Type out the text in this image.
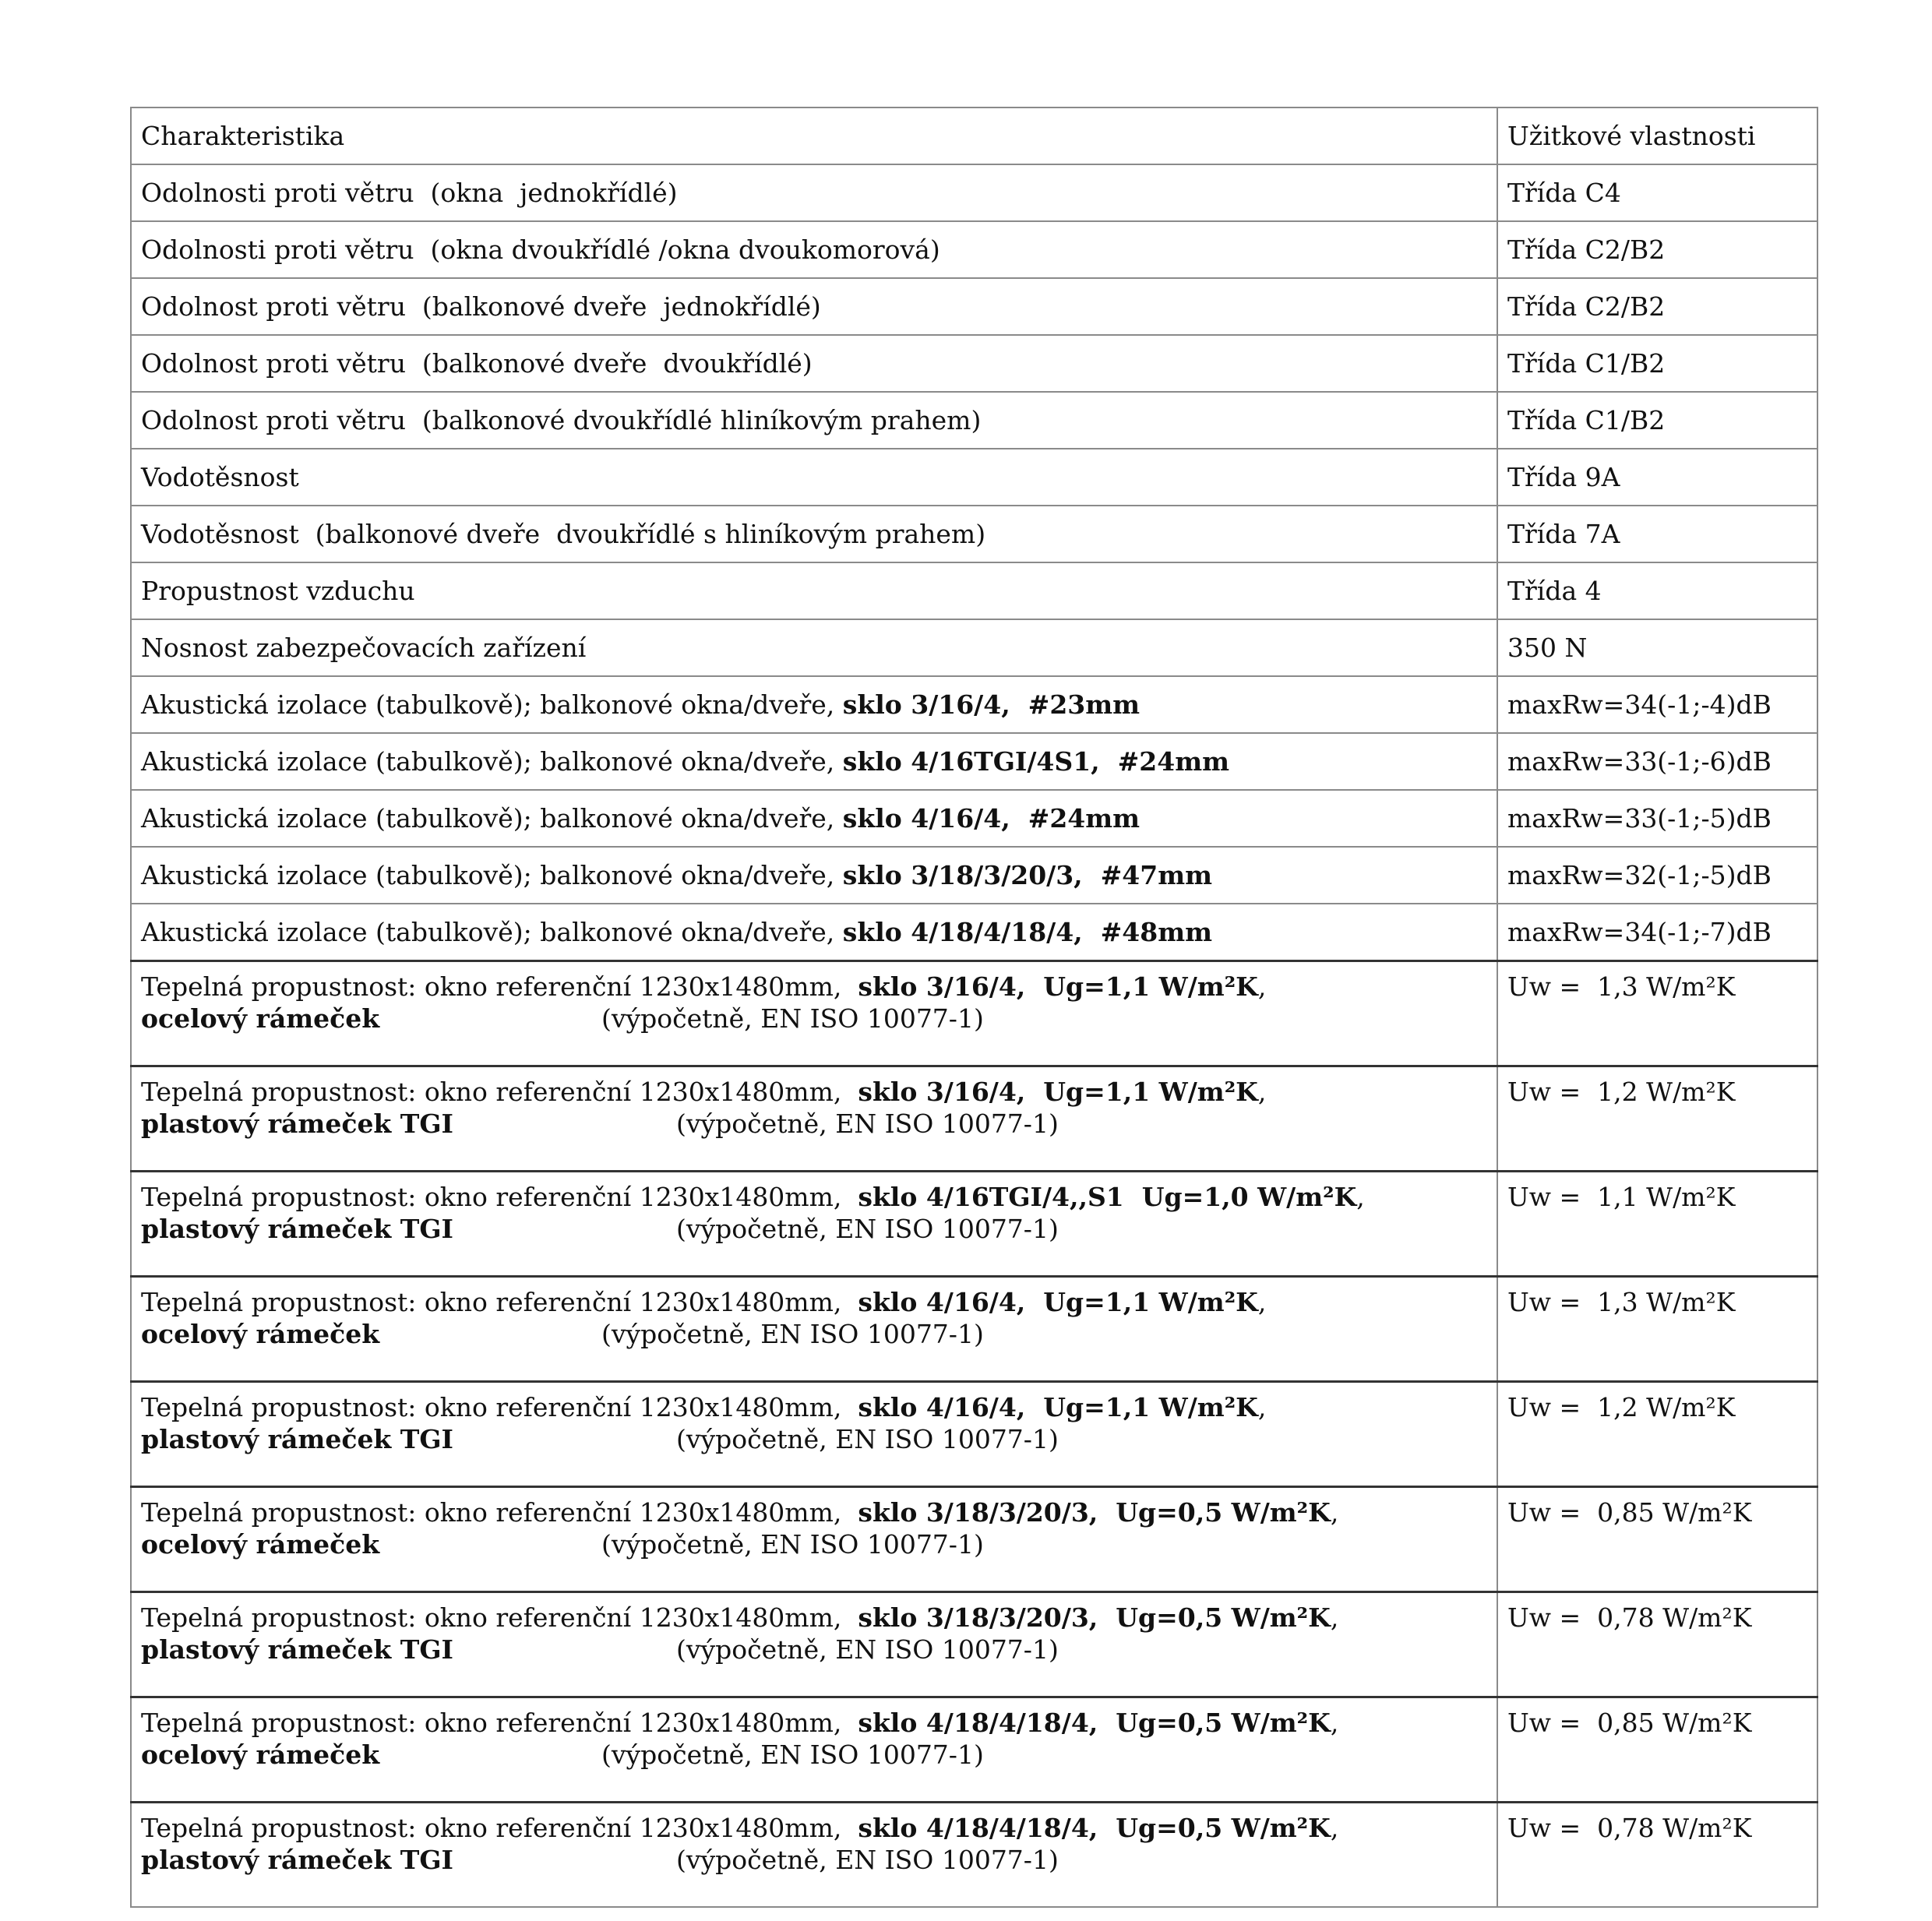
Charakteristika	Užitkové vlastnosti
Odolnosti proti větru  (okna  jednokřídlé)	Třída C4
Odolnosti proti větru  (okna dvoukřídlé /okna dvoukomorová)	Třída C2/B2
Odolnost proti větru  (balkonové dveře  jednokřídlé)	Třída C2/B2
Odolnost proti větru  (balkonové dveře  dvoukřídlé)	Třída C1/B2
Odolnost proti větru  (balkonové dvoukřídlé hliníkovým prahem)	Třída C1/B2
Vodotěsnost	Třída 9A
Vodotěsnost  (balkonové dveře  dvoukřídlé s hliníkovým prahem)	Třída 7A
Propustnost vzduchu	Třída 4
Nosnost zabezpečovacích zařízení	350 N
Akustická izolace (tabulkově); balkonové okna/dveře, sklo 3/16/4,  #23mm	maxRw=34(-1;-4)dB
Akustická izolace (tabulkově); balkonové okna/dveře, sklo 4/16TGI/4S1,  #24mm	maxRw=33(-1;-6)dB
Akustická izolace (tabulkově); balkonové okna/dveře, sklo 4/16/4,  #24mm	maxRw=33(-1;-5)dB
Akustická izolace (tabulkově); balkonové okna/dveře, sklo 3/18/3/20/3,  #47mm	maxRw=32(-1;-5)dB
Akustická izolace (tabulkově); balkonové okna/dveře, sklo 4/18/4/18/4,  #48mm	maxRw=34(-1;-7)dB
Tepelná propustnost: okno referenční 1230x1480mm,  sklo 3/16/4,  Ug=1,1 W/m²K,
ocelový rámeček (výpočetně, EN ISO 10077-1)	Uw =  1,3 W/m²K
Tepelná propustnost: okno referenční 1230x1480mm,  sklo 3/16/4,  Ug=1,1 W/m²K,
plastový rámeček TGI (výpočetně, EN ISO 10077-1)	Uw =  1,2 W/m²K
Tepelná propustnost: okno referenční 1230x1480mm,  sklo 4/16TGI/4,,S1  Ug=1,0 W/m²K,
plastový rámeček TGI (výpočetně, EN ISO 10077-1)	Uw =  1,1 W/m²K
Tepelná propustnost: okno referenční 1230x1480mm,  sklo 4/16/4,  Ug=1,1 W/m²K,
ocelový rámeček (výpočetně, EN ISO 10077-1)	Uw =  1,3 W/m²K
Tepelná propustnost: okno referenční 1230x1480mm,  sklo 4/16/4,  Ug=1,1 W/m²K,
plastový rámeček TGI (výpočetně, EN ISO 10077-1)	Uw =  1,2 W/m²K
Tepelná propustnost: okno referenční 1230x1480mm,  sklo 3/18/3/20/3,  Ug=0,5 W/m²K,
ocelový rámeček (výpočetně, EN ISO 10077-1)	Uw =  0,85 W/m²K
Tepelná propustnost: okno referenční 1230x1480mm,  sklo 3/18/3/20/3,  Ug=0,5 W/m²K,
plastový rámeček TGI (výpočetně, EN ISO 10077-1)	Uw =  0,78 W/m²K
Tepelná propustnost: okno referenční 1230x1480mm,  sklo 4/18/4/18/4,  Ug=0,5 W/m²K,
ocelový rámeček (výpočetně, EN ISO 10077-1)	Uw =  0,85 W/m²K
Tepelná propustnost: okno referenční 1230x1480mm,  sklo 4/18/4/18/4,  Ug=0,5 W/m²K,
plastový rámeček TGI (výpočetně, EN ISO 10077-1)	Uw =  0,78 W/m²K
